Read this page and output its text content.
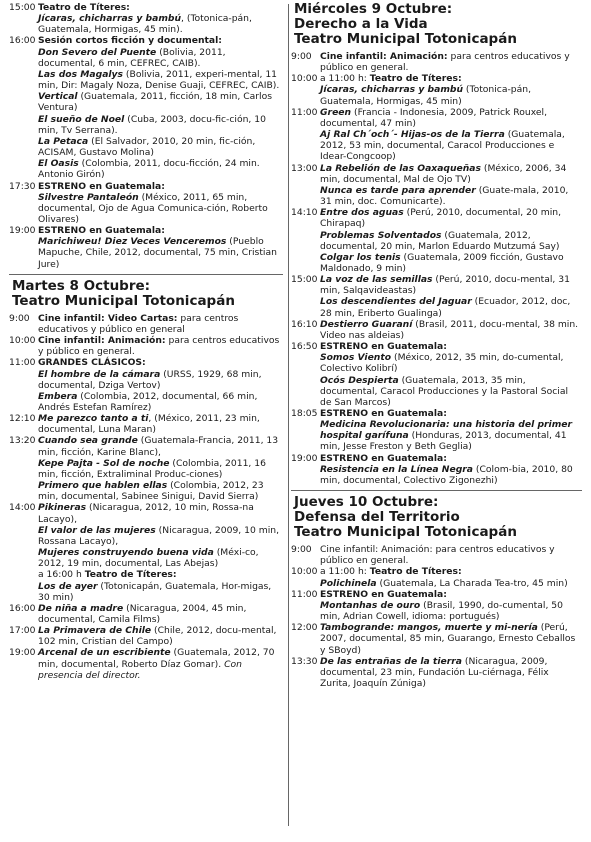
15:00 Teatro de Títeres:
Jícaras, chicharras y bambú, (Totonica-pán, Guatemala, Hormigas, 45 min).
16:00 Sesión cortos ficción y documental:
Don Severo del Puente (Bolivia, 2011, documental, 6 min, CEFREC, CAIB).
Las dos Magalys (Bolivia, 2011, experi-mental, 11 min, Dir: Magaly Noza, Denise Guaji, CEFREC, CAIB).
Vertical (Guatemala, 2011, ficción, 18 min, Carlos Ventura)
El sueño de Noel (Cuba, 2003, docu-fic-ción, 10 min, Tv Serrana).
La Petaca (El Salvador, 2010, 20 min, fic-ción, ACISAM, Gustavo Molina)
El Oasis (Colombia, 2011, docu-ficción, 24 min. Antonio Girón)
17:30 ESTRENO en Guatemala:
Silvestre Pantaleón (México, 2011, 65 min, documental, Ojo de Agua Comunica-ción, Roberto Olivares)
19:00 ESTRENO en Guatemala:
Marichiweu! Diez Veces Venceremos (Pueblo Mapuche, Chile, 2012, documental, 75 min, Cristian Jure)
Martes 8 Octubre:
Teatro Municipal Totonicapán
9:00 Cine infantil: Video Cartas: para centros educativos y público en general
10:00 Cine infantil: Animación: para centros educativos y público en general.
11:00 GRANDES CLÁSICOS:
El hombre de la cámara (URSS, 1929, 68 min, documental, Dziga Vertov)
Embera (Colombia, 2012, documental, 66 min, Andrés Estefan Ramírez)
12:10 Me parezco tanto a ti, (México, 2011, 23 min, documental, Luna Maran)
13:20 Cuando sea grande (Guatemala-Francia, 2011, 13 min, ficción, Karine Blanc),
Kepe Pajta - Sol de noche (Colombia, 2011, 16 min, ficción, Extraliminal Produc-ciones)
Primero que hablen ellas (Colombia, 2012, 23 min, documental, Sabinee Sinigui, David Sierra)
14:00 Pikineras (Nicaragua, 2012, 10 min, Rossa-na Lacayo),
El valor de las mujeres (Nicaragua, 2009, 10 min, Rossana Lacayo),
Mujeres construyendo buena vida (Méxi-co, 2012, 19 min, documental, Las Abejas)
a 16:00 h Teatro de Títeres:
Los de ayer (Totonicapán, Guatemala, Hor-migas, 30 min)
16:00 De niña a madre (Nicaragua, 2004, 45 min, documental, Camila Films)
17:00 La Primavera de Chile (Chile, 2012, docu-mental, 102 min, Cristian del Campo)
19:00 Arcenal de un escribiente (Guatemala, 2012, 70 min, documental, Roberto Díaz Gomar). Con presencia del director.
Miércoles 9 Octubre:
Derecho a la Vida
Teatro Municipal Totonicapán
9:00 Cine infantil: Animación: para centros educativos y público en general.
10:00 a 11:00 h: Teatro de Títeres:
Jícaras, chicharras y bambú (Totonica-pán, Guatemala, Hormigas, 45 min)
11:00 Green (Francia - Indonesia, 2009, Patrick Rouxel, documental, 47 min)
Aj Ral Ch´och´- Hijas-os de la Tierra (Guatemala, 2012, 53 min, documental, Caracol Producciones e Idear-Congcoop)
13:00 La Rebelión de las Oaxaqueñas (México, 2006, 34 min, documental, Mal de Ojo TV)
Nunca es tarde para aprender (Guate-mala, 2010, 31 min, doc. Comunicarte).
14:10 Entre dos aguas (Perú, 2010, documental, 20 min, Chirapaq)
Problemas Solventados (Guatemala, 2012, documental, 20 min, Marlon Eduardo Mutzumá Say)
Colgar los tenis (Guatemala, 2009 ficción, Gustavo Maldonado, 9 min)
15:00 La voz de las semillas (Perú, 2010, docu-mental, 31 min, Salqavideastas)
Los descendientes del Jaguar (Ecuador, 2012, doc, 28 min, Eriberto Gualinga)
16:10 Destierro Guaraní (Brasil, 2011, docu-mental, 38 min. Video nas aldeias)
16:50 ESTRENO en Guatemala:
Somos Viento (México, 2012, 35 min, do-cumental, Colectivo Kolibrí)
Ocós Despierta (Guatemala, 2013, 35 min, documental, Caracol Producciones y la Pastoral Social de San Marcos)
18:05 ESTRENO en Guatemala:
Medicina Revolucionaria: una historia del primer hospital garífuna (Honduras, 2013, documental, 41 min, Jesse Freston y Beth Geglia)
19:00 ESTRENO en Guatemala:
Resistencia en la Línea Negra (Colom-bia, 2010, 80 min, documental, Colectivo Zigonezhi)
Jueves 10 Octubre:
Defensa del Territorio
Teatro Municipal Totonicapán
9:00 Cine infantil: Animación: para centros educativos y público en general.
10:00 a 11:00 h: Teatro de Títeres:
Polichinela (Guatemala, La Charada Tea-tro, 45 min)
11:00 ESTRENO en Guatemala:
Montanhas de ouro (Brasil, 1990, do-cumental, 50 min, Adrian Cowell, idioma: portugués)
12:00 Tambogrande: mangos, muerte y mi-nería (Perú, 2007, documental, 85 min, Guarango, Ernesto Ceballos y SBoyd)
13:30 De las entrañas de la tierra (Nicaragua, 2009, documental, 23 min, Fundación Lu-ciérnaga, Félix Zurita, Joaquín Zúniga)
